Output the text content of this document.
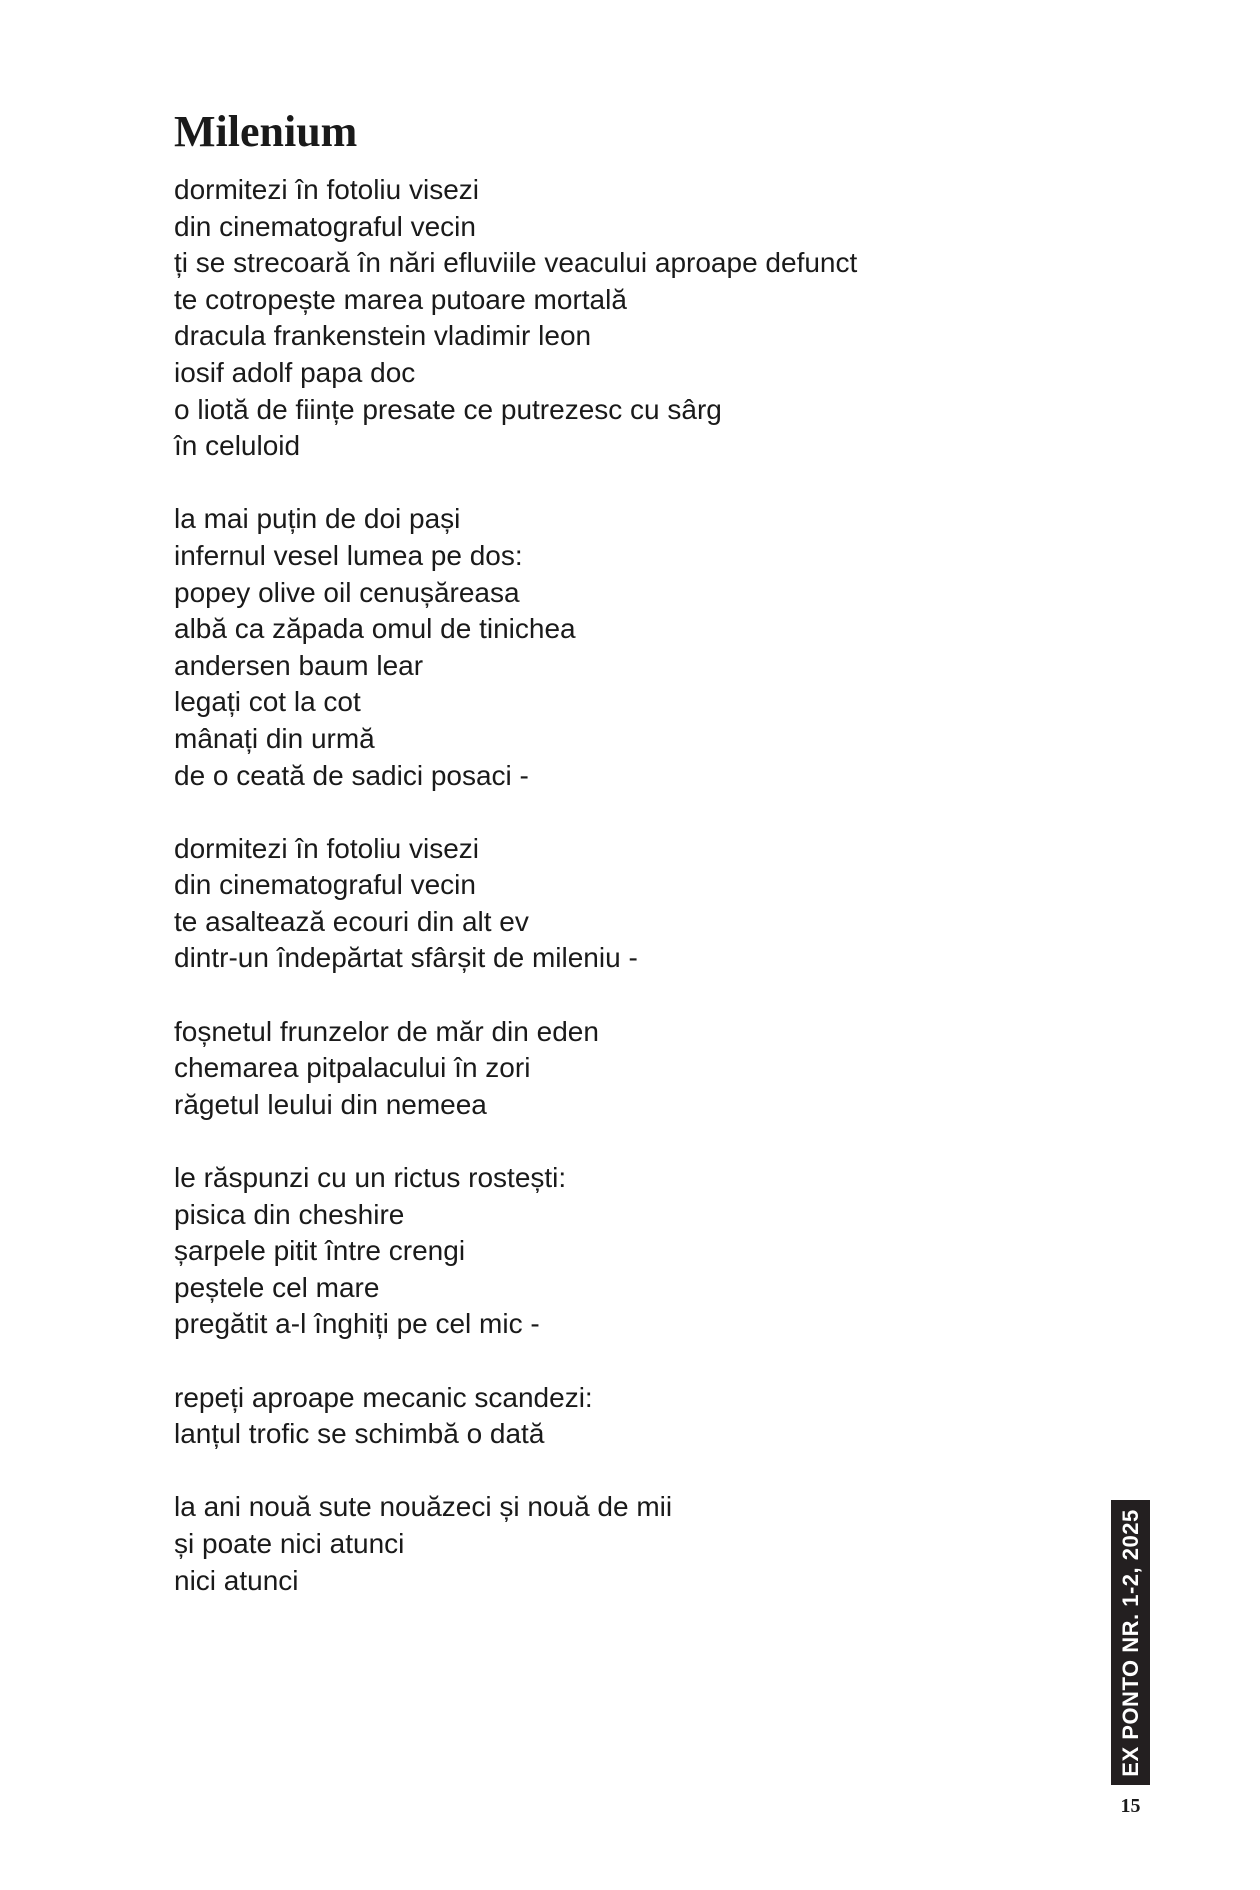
Milenium
dormitezi în fotoliu visezi
din cinematograful vecin
ți se strecoară în nări efluviile veacului aproape defunct
te cotropește marea putoare mortală
dracula frankenstein vladimir leon
iosif adolf papa doc
o liotă de ființe presate ce putrezesc cu sârg
în celuloid
la mai puțin de doi pași
infernul vesel lumea pe dos:
popey olive oil cenușăreasa
albă ca zăpada omul de tinichea
andersen baum lear
legați cot la cot
mânați din urmă
de o ceată de sadici posaci -
dormitezi în fotoliu visezi
din cinematograful vecin
te asaltează ecouri din alt ev
dintr-un îndepărtat sfârșit de mileniu -
foșnetul frunzelor de măr din eden
chemarea pitpalacului în zori
răgetul leului din nemeea
le răspunzi cu un rictus rostești:
pisica din cheshire
șarpele pitit între crengi
peștele cel mare
pregătit a-l înghiți pe cel mic -
repeți aproape mecanic scandezi:
lanțul trofic se schimbă o dată
la ani nouă sute nouăzeci și nouă de mii
și poate nici atunci
nici atunci	EX PONTO NR. 1-2, 2025
15
